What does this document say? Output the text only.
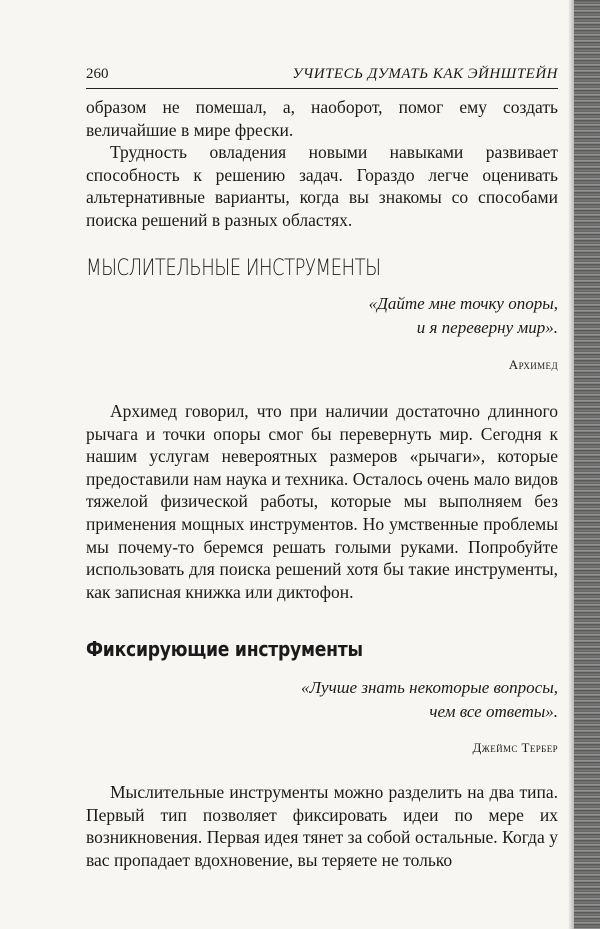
260	УЧИТЕСЬ ДУМАТЬ КАК ЭЙНШТЕЙН

образом не помешал, а, наоборот, помог ему создать величайшие в мире фрески.

Трудность овладения новыми навыками развивает способность к решению задач. Гораздо легче оценивать альтернативные варианты, когда вы знакомы со способами поиска решений в разных областях.

МЫСЛИТЕЛЬНЫЕ ИНСТРУМЕНТЫ

«Дайте мне точку опоры,
и я переверну мир».

Архимед

Архимед говорил, что при наличии достаточно длинного рычага и точки опоры смог бы перевернуть мир. Сегодня к нашим услугам невероятных размеров «рычаги», которые предоставили нам наука и техника. Осталось очень мало видов тяжелой физической работы, которые мы выполняем без применения мощных инструментов. Но умственные проблемы мы почему-то беремся решать голыми руками. Попробуйте использовать для поиска решений хотя бы такие инструменты, как записная книжка или диктофон.

Фиксирующие инструменты

«Лучше знать некоторые вопросы,
чем все ответы».

Джеймс Тербер

Мыслительные инструменты можно разделить на два типа. Первый тип позволяет фиксировать идеи по мере их возникновения. Первая идея тянет за собой остальные. Когда у вас пропадает вдохновение, вы теряете не только
